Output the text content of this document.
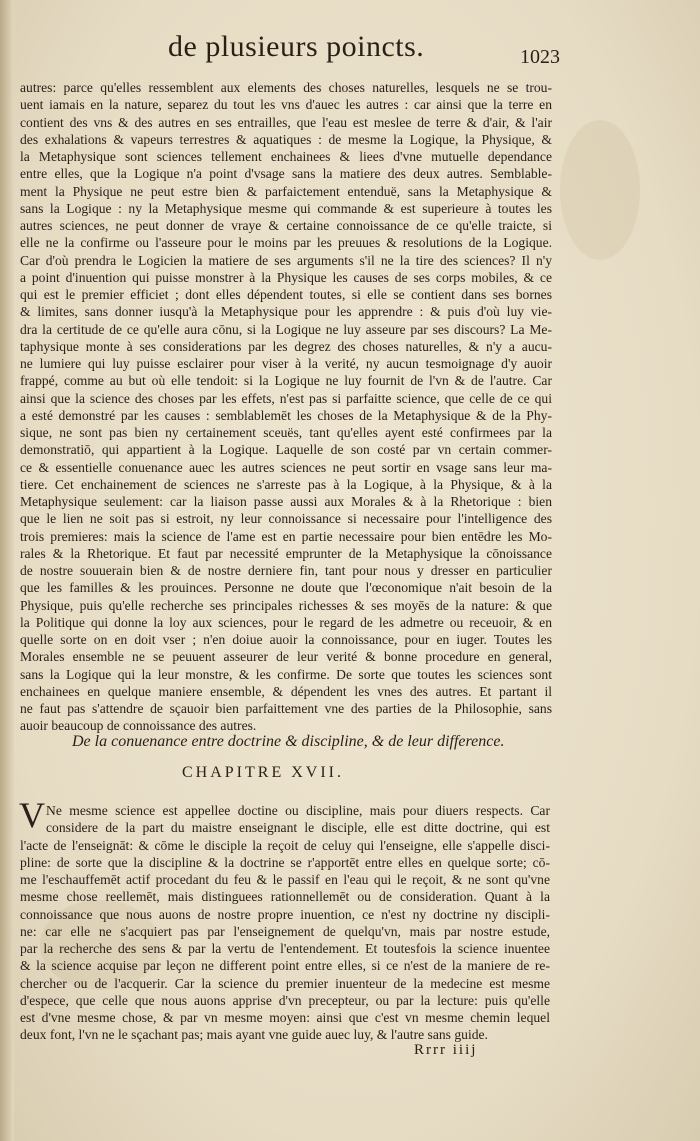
de plusieurs poincts.	1023
autres: parce qu'elles ressemblent aux elements des choses naturelles, lesquels ne se trou-
uent iamais en la nature, separez du tout les vns d'auec les autres : car ainsi que la terre en
contient des vns & des autres en ses entrailles, que l'eau est meslee de terre & d'air, & l'air
des exhalations & vapeurs terrestres & aquatiques : de mesme la Logique, la Physique, &
la Metaphysique sont sciences tellement enchainees & liees d'vne mutuelle dependance
entre elles, que la Logique n'a point d'vsage sans la matiere des deux autres. Semblable-
ment la Physique ne peut estre bien & parfaictement entenduë, sans la Metaphysique &
sans la Logique : ny la Metaphysique mesme qui commande & est superieure à toutes les
autres sciences, ne peut donner de vraye & certaine connoissance de ce qu'elle traicte, si
elle ne la confirme ou l'asseure pour le moins par les preuues & resolutions de la Logique.
Car d'où prendra le Logicien la matiere de ses arguments s'il ne la tire des sciences? Il n'y
a point d'inuention qui puisse monstrer à la Physique les causes de ses corps mobiles, & ce
qui est le premier efficiet ; dont elles dépendent toutes, si elle se contient dans ses bornes
& limites, sans donner iusqu'à la Metaphysique pour les apprendre : & puis d'où luy vie-
dra la certitude de ce qu'elle aura cōnu, si la Logique ne luy asseure par ses discours? La Me-
taphysique monte à ses considerations par les degrez des choses naturelles, & n'y a aucu-
ne lumiere qui luy puisse esclairer pour viser à la verité, ny aucun tesmoignage d'y auoir
frappé, comme au but où elle tendoit: si la Logique ne luy fournit de l'vn & de l'autre. Car
ainsi que la science des choses par les effets, n'est pas si parfaitte science, que celle de ce qui
a esté demonstré par les causes : semblablemēt les choses de la Metaphysique & de la Phy-
sique, ne sont pas bien ny certainement sceuës, tant qu'elles ayent esté confirmees par la
demonstratiō, qui appartient à la Logique. Laquelle de son costé par vn certain commer-
ce & essentielle conuenance auec les autres sciences ne peut sortir en vsage sans leur ma-
tiere. Cet enchainement de sciences ne s'arreste pas à la Logique, à la Physique, & à la
Metaphysique seulement: car la liaison passe aussi aux Morales & à la Rhetorique : bien
que le lien ne soit pas si estroit, ny leur connoissance si necessaire pour l'intelligence des
trois premieres: mais la science de l'ame est en partie necessaire pour bien entēdre les Mo-
rales & la Rhetorique. Et faut par necessité emprunter de la Metaphysique la cōnoissance
de nostre souuerain bien & de nostre derniere fin, tant pour nous y dresser en particulier
que les familles & les prouinces. Personne ne doute que l'œconomique n'ait besoin de la
Physique, puis qu'elle recherche ses principales richesses & ses moyēs de la nature: & que
la Politique qui donne la loy aux sciences, pour le regard de les admetre ou receuoir, & en
quelle sorte on en doit vser ; n'en doiue auoir la connoissance, pour en iuger. Toutes les
Morales ensemble ne se peuuent asseurer de leur verité & bonne procedure en general,
sans la Logique qui la leur monstre, & les confirme. De sorte que toutes les sciences sont
enchainees en quelque maniere ensemble, & dépendent les vnes des autres. Et partant il
ne faut pas s'attendre de sçauoir bien parfaittement vne des parties de la Philosophie, sans
auoir beaucoup de connoissance des autres.
De la conuenance entre doctrine & discipline, & de leur difference.
CHAPITRE XVII.
V Ne mesme science est appellee doctine ou discipline, mais pour diuers respects. Car
considere de la part du maistre enseignant le disciple, elle est ditte doctrine, qui est
l'acte de l'enseignāt: & cōme le disciple la reçoit de celuy qui l'enseigne, elle s'appelle disci-
pline: de sorte que la discipline & la doctrine se r'apportēt entre elles en quelque sorte; cō-
me l'eschauffemēt actif procedant du feu & le passif en l'eau qui le reçoit, & ne sont qu'vne
mesme chose reellemēt, mais distinguees rationnellemēt ou de consideration. Quant à la
connoissance que nous auons de nostre propre inuention, ce n'est ny doctrine ny discipli-
ne: car elle ne s'acquiert pas par l'enseignement de quelqu'vn, mais par nostre estude,
par la recherche des sens & par la vertu de l'entendement. Et toutesfois la science inuentee
& la science acquise par leçon ne different point entre elles, si ce n'est de la maniere de re-
chercher ou de l'acquerir. Car la science du premier inuenteur de la medecine est mesme
d'espece, que celle que nous auons apprise d'vn precepteur, ou par la lecture: puis qu'elle
est d'vne mesme chose, & par vn mesme moyen: ainsi que c'est vn mesme chemin lequel
deux font, l'vn ne le sçachant pas; mais ayant vne guide auec luy, & l'autre sans guide.
Rrrr iiij
